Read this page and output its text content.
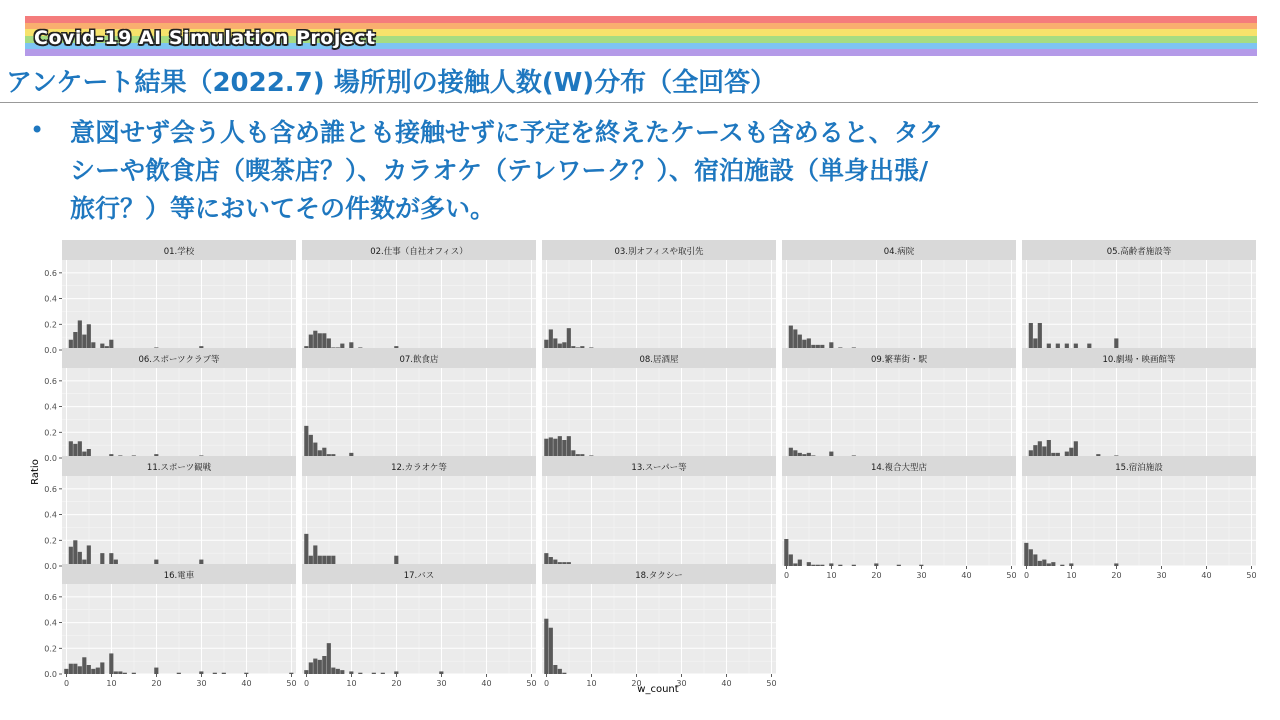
Covid-19 AI Simulation Project
アンケート結果（2022.7) 場所別の接触人数(W)分布（全回答）
• 意図せず会う人も含め誰とも接触せずに予定を終えたケースも含めると、タク
シーや飲食店（喫茶店？）、カラオケ（テレワーク？）、宿泊施設（単身出張/
旅行？）等においてその件数が多い。
01.学校
0.0
0.2
0.4
0.6
02.仕事（自社オフィス）	03.別オフィスや取引先	04.病院	05.高齢者施設等
06.スポーツクラブ等
0.0
0.2
0.4
0.6
07.飲食店	08.居酒屋	09.繁華街・駅	10.劇場・映画館等
11.スポーツ観戦
0.0
0.2
0.4
0.6
12.カラオケ等	13.スーパー等	14.複合大型店
0	10	20	30	40	50
15.宿泊施設
0	10	20	30	40	50
16.電車
0.0
0.2
0.4
0.6
0	10	20	30	40	50
17.バス
0	10	20	30	40	50
18.タクシー
0	10	20	30	40	50
w_count
Ratio
